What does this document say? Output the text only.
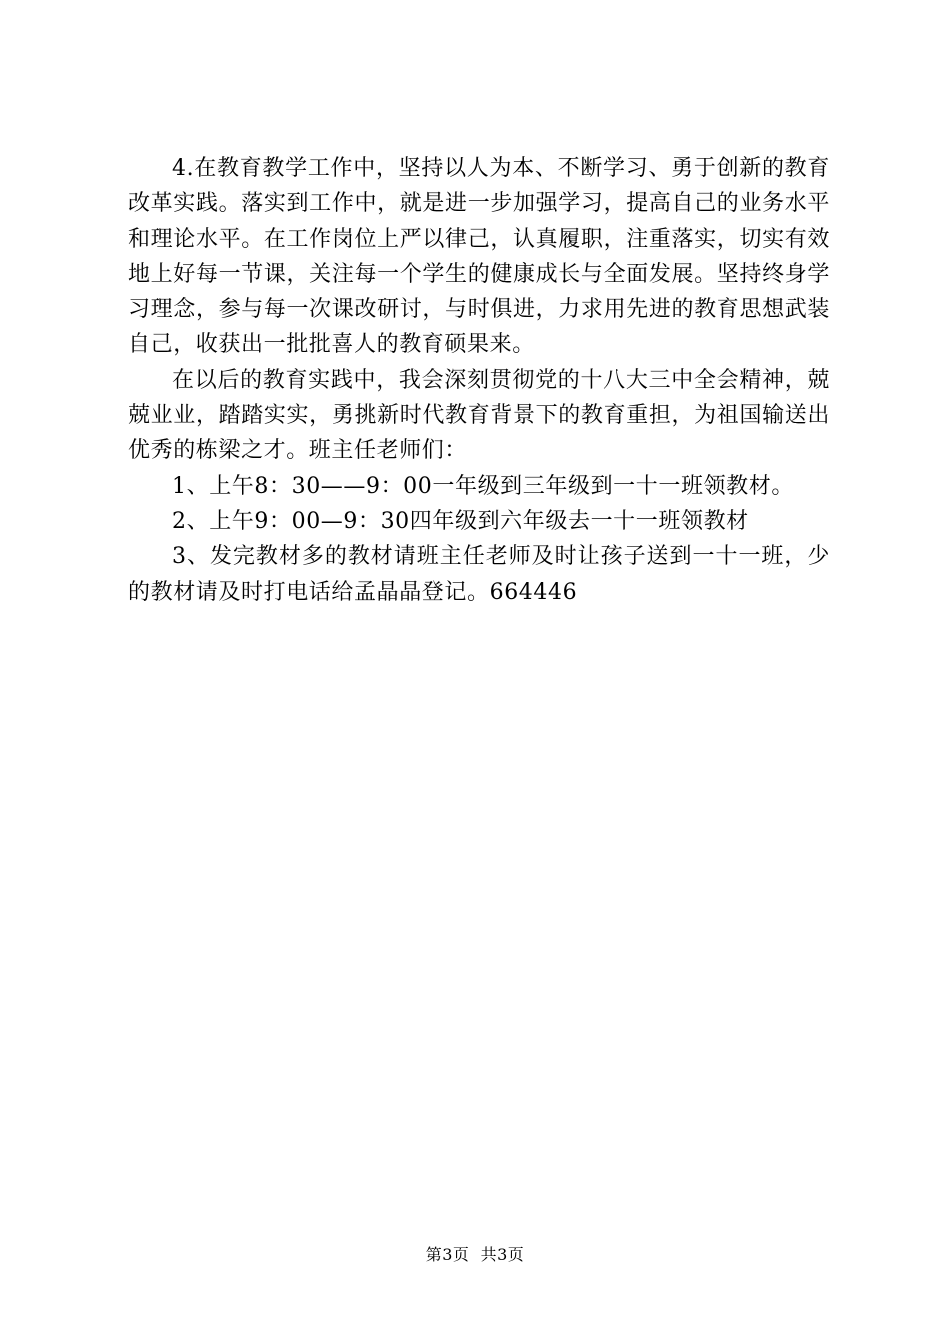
4.在教育教学工作中，坚持以人为本、不断学习、勇于创新的教育改革实践。落实到工作中，就是进一步加强学习，提高自己的业务水平和理论水平。在工作岗位上严以律己，认真履职，注重落实，切实有效地上好每一节课，关注每一个学生的健康成长与全面发展。坚持终身学习理念，参与每一次课改研讨，与时俱进，力求用先进的教育思想武装自己，收获出一批批喜人的教育硕果来。

在以后的教育实践中，我会深刻贯彻党的十八大三中全会精神，兢兢业业，踏踏实实，勇挑新时代教育背景下的教育重担，为祖国输送出优秀的栋梁之才。班主任老师们：

1、上午8：30——9：00一年级到三年级到一十一班领教材。

2、上午9：00—9：30四年级到六年级去一十一班领教材

3、发完教材多的教材请班主任老师及时让孩子送到一十一班，少的教材请及时打电话给孟晶晶登记。664446

第3页  共3页
